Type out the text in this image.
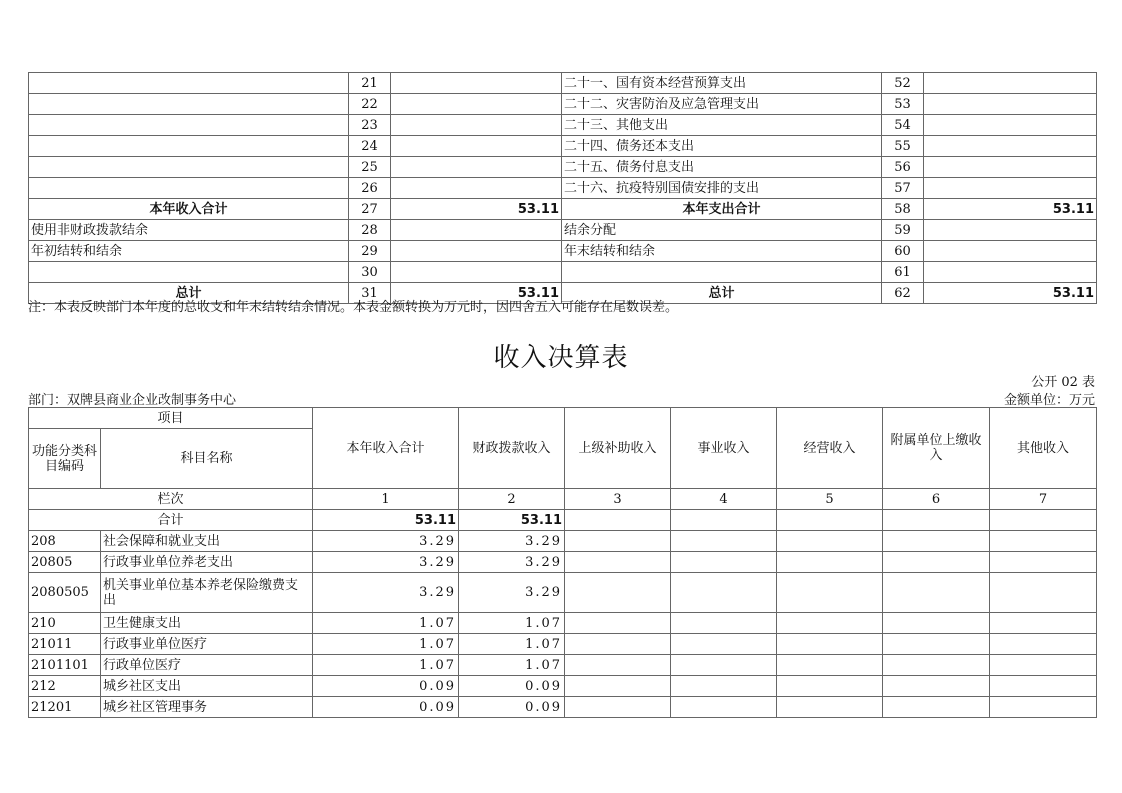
	21		二十一、国有资本经营预算支出	52	
	22		二十二、灾害防治及应急管理支出	53	
	23		二十三、其他支出	54	
	24		二十四、债务还本支出	55	
	25		二十五、债务付息支出	56	
	26		二十六、抗疫特别国债安排的支出	57	
本年收入合计	27	53.11	本年支出合计	58	53.11
使用非财政拨款结余	28		结余分配	59	
年初结转和结余	29		年末结转和结余	60	
	30			61	
总计	31	53.11	总计	62	53.11
注：本表反映部门本年度的总收支和年末结转结余情况。本表金额转换为万元时，因四舍五入可能存在尾数误差。
收入决算表
公开 02 表
部门：双牌县商业企业改制事务中心	金额单位：万元
项目		本年收入合计	财政拨款收入	上级补助收入	事业收入	经营收入	附属单位上缴收入	其他收入
功能分类科目编码	科目名称							
栏次		1	2	3	4	5	6	7
合计		53.11	53.11					
208	社会保障和就业支出	3.29	3.29					
20805	行政事业单位养老支出	3.29	3.29					
2080505	机关事业单位基本养老保险缴费支出	3.29	3.29					
210	卫生健康支出	1.07	1.07					
21011	行政事业单位医疗	1.07	1.07					
2101101	行政单位医疗	1.07	1.07					
212	城乡社区支出	0.09	0.09					
21201	城乡社区管理事务	0.09	0.09					
